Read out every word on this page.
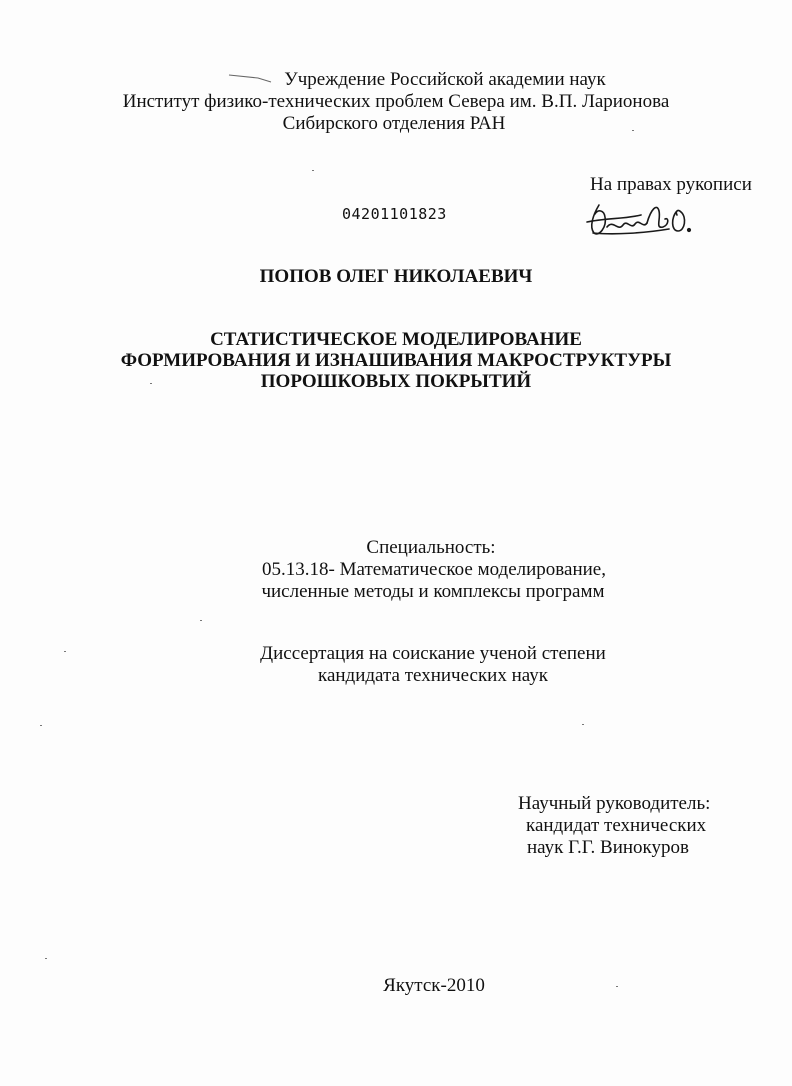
Учреждение Российской академии наук
Институт физико-технических проблем Севера им. В.П. Ларионова
Сибирского отделения РАН
На правах рукописи
04201101823
ПОПОВ ОЛЕГ НИКОЛАЕВИЧ
СТАТИСТИЧЕСКОЕ МОДЕЛИРОВАНИЕ
ФОРМИРОВАНИЯ И ИЗНАШИВАНИЯ МАКРОСТРУКТУРЫ
ПОРОШКОВЫХ ПОКРЫТИЙ
Специальность:
05.13.18- Математическое моделирование,
численные методы и комплексы программ
Диссертация на соискание ученой степени
кандидата технических наук
Научный руководитель:
кандидат технических
наук Г.Г. Винокуров
Якутск-2010
